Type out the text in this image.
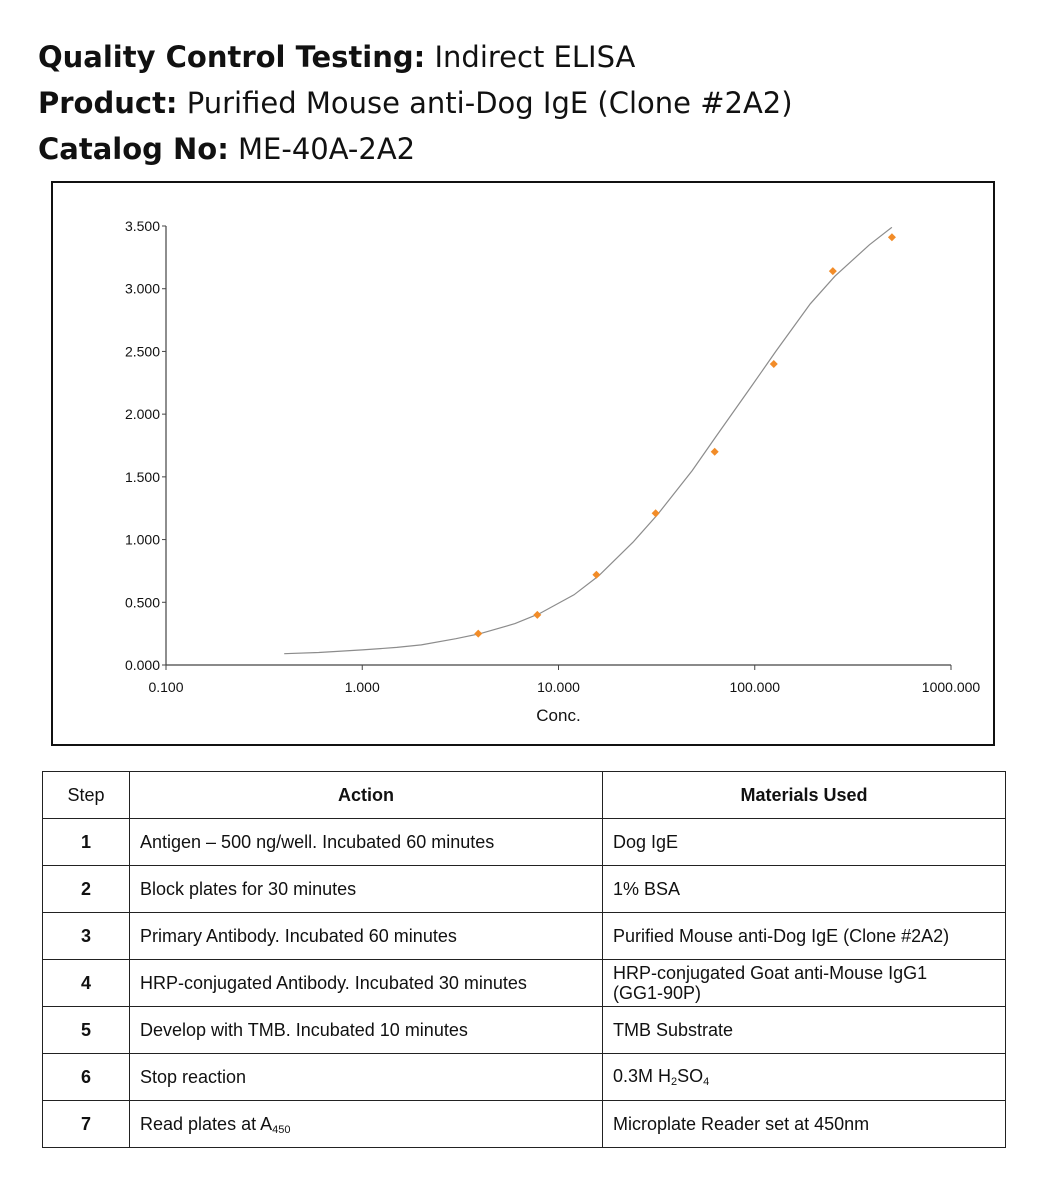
Quality Control Testing: Indirect ELISA
Product: Purified Mouse anti-Dog IgE (Clone #2A2)
Catalog No: ME-40A-2A2
0.000
0.500
1.000
1.500
2.000
2.500
3.000
3.500
0.100	1.000	10.000	100.000	1000.000
Conc.
Step	Action	Materials Used
1	Antigen – 500 ng/well. Incubated 60 minutes	Dog IgE
2	Block plates for 30 minutes	1% BSA
3	Primary Antibody. Incubated 60 minutes	Purified Mouse anti-Dog IgE (Clone #2A2)
4	HRP-conjugated Antibody. Incubated 30 minutes	HRP-conjugated Goat anti-Mouse IgG1
(GG1-90P)
5	Develop with TMB. Incubated 10 minutes	TMB Substrate
6	Stop reaction	0.3M H2SO4
7	Read plates at A450	Microplate Reader set at 450nm
